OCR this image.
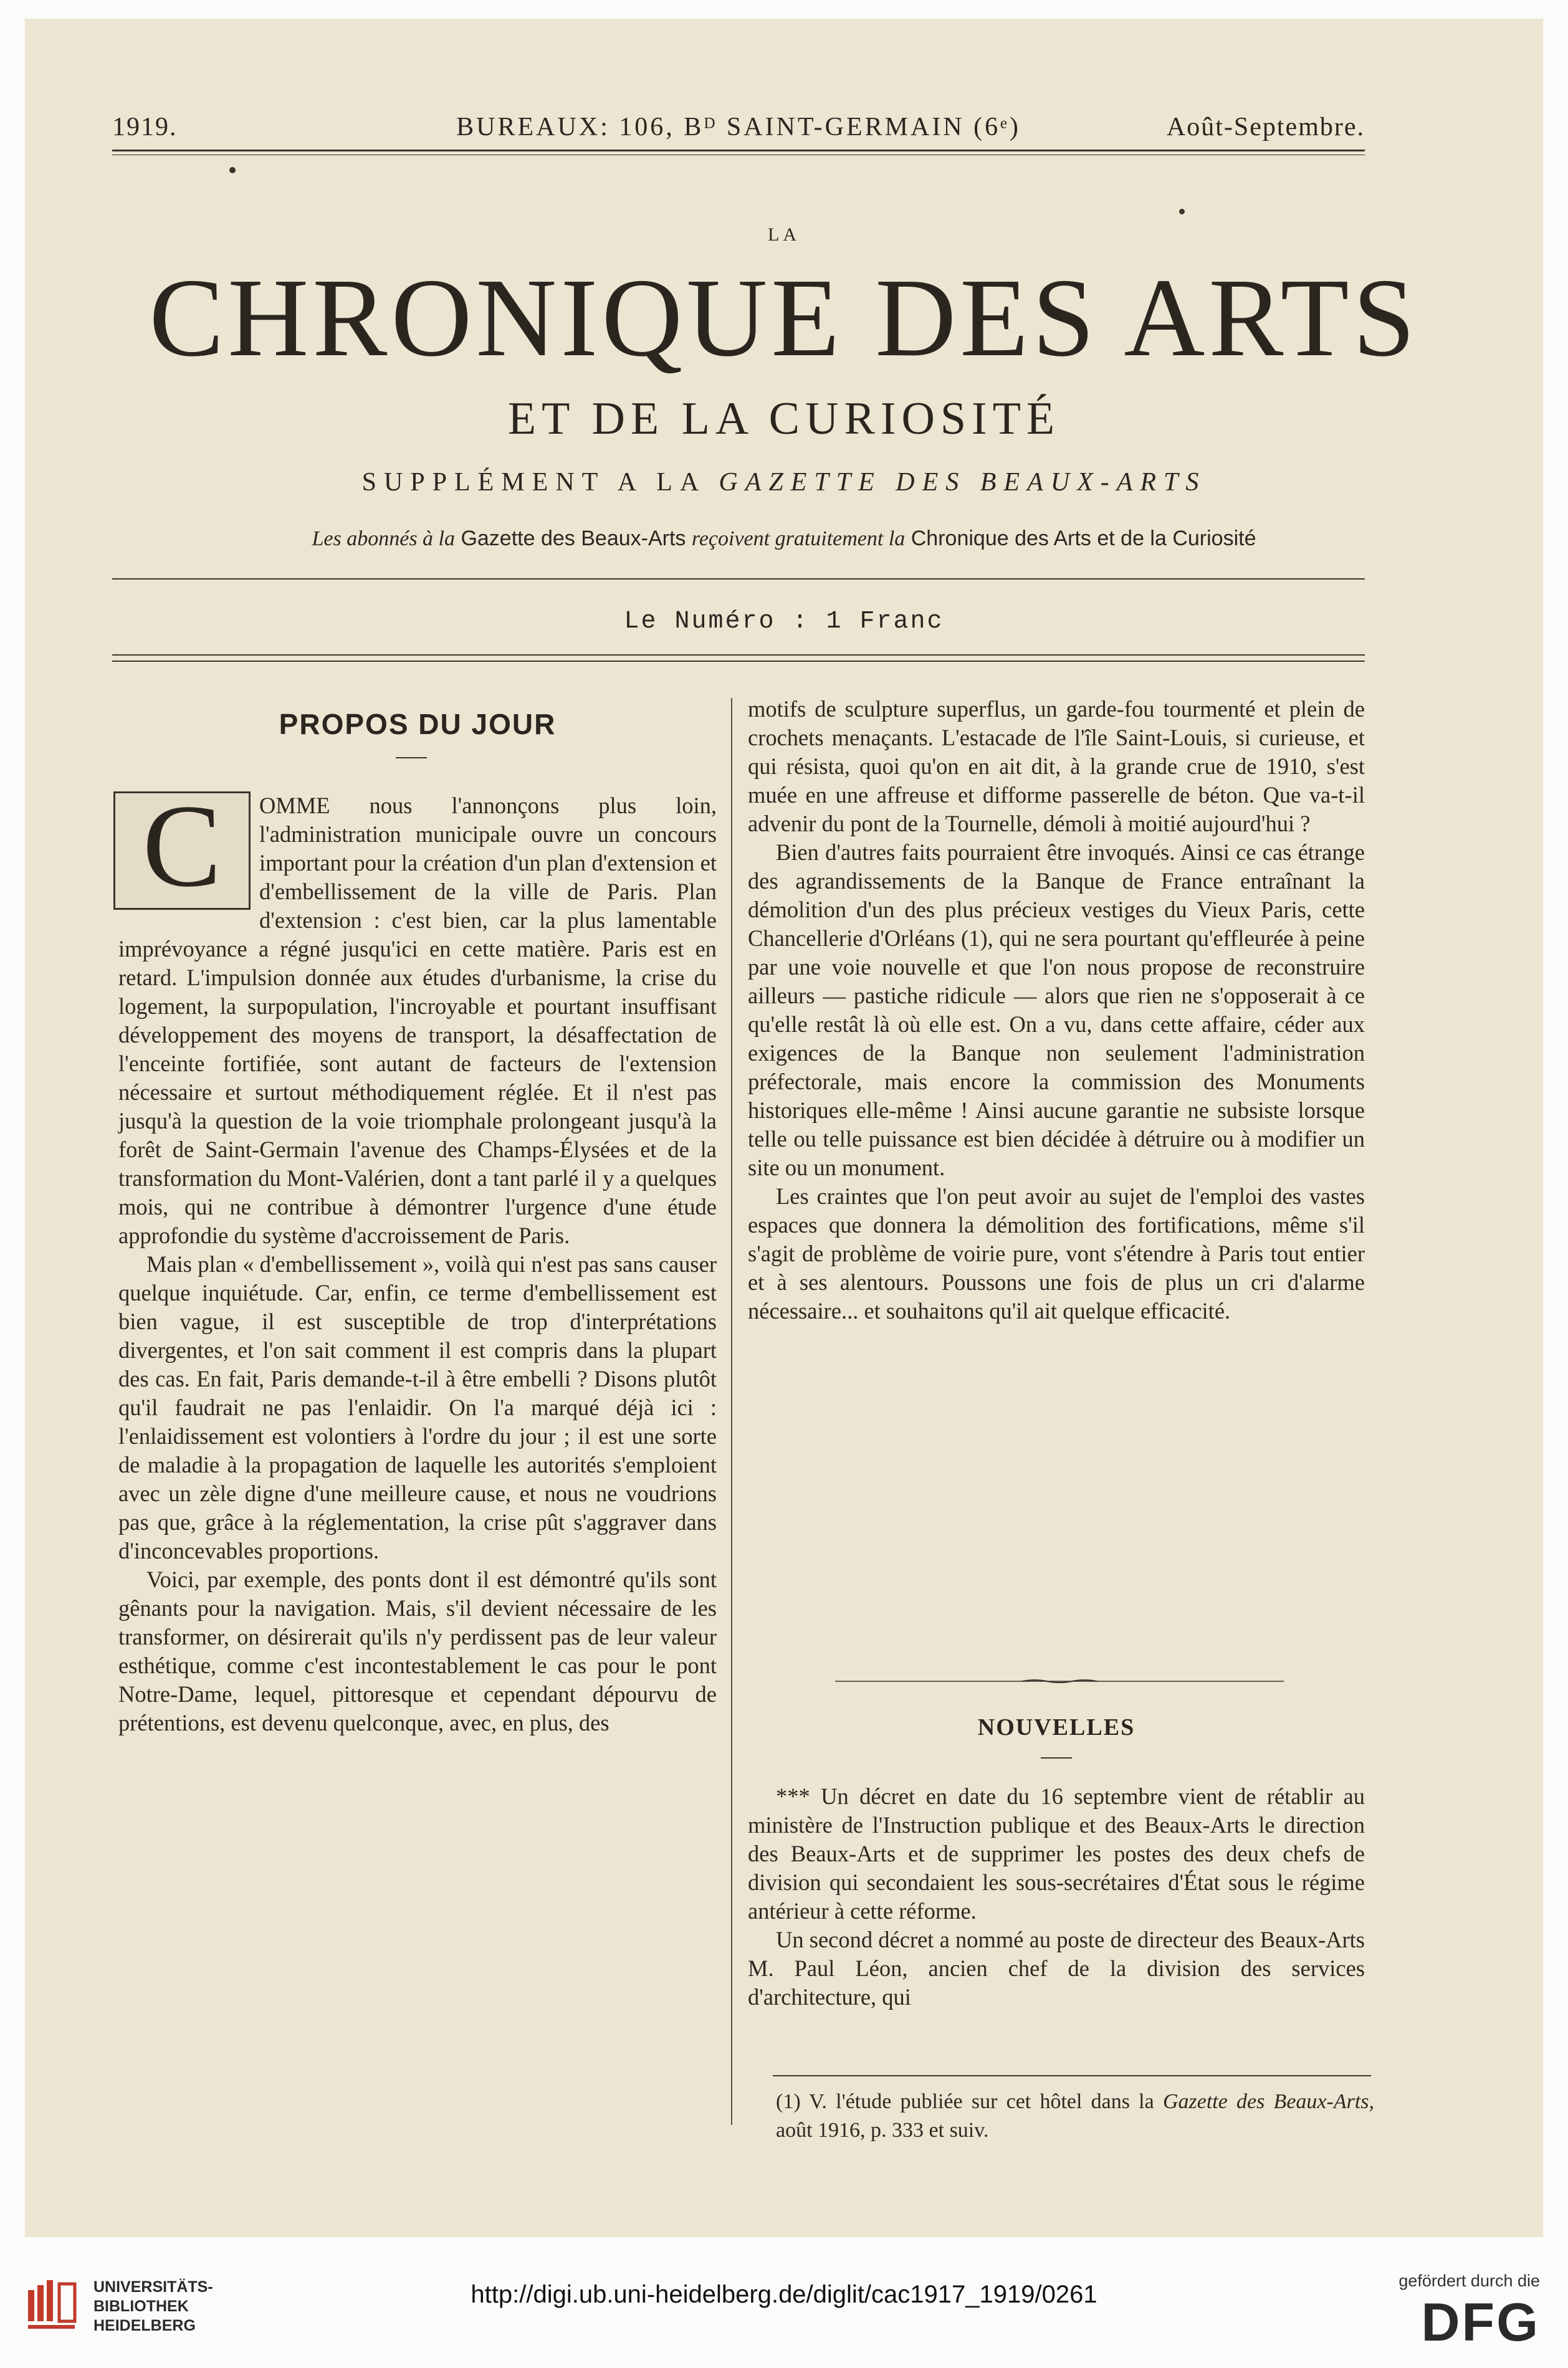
1919.	BUREAUX: 106, Bᴰ SAINT-GERMAIN (6ᵉ)	Août-Septembre.
LA
CHRONIQUE DES ARTS
ET DE LA CURIOSITÉ
SUPPLÉMENT A LA GAZETTE DES BEAUX-ARTS
Les abonnés à la Gazette des Beaux-Arts reçoivent gratuitement la Chronique des Arts et de la Curiosité
Le Numéro : 1 Franc
PROPOS DU JOUR

C	OMME nous l'annonçons plus loin, l'administration municipale ouvre un concours important pour la création d'un plan d'extension et d'embellissement de la ville de Paris. Plan d'extension : c'est bien, car la plus lamentable imprévoyance a régné jusqu'ici en cette matière. Paris est en retard. L'impulsion donnée aux études d'urbanisme, la crise du logement, la surpopulation, l'incroyable et pourtant insuffisant développement des moyens de transport, la désaffectation de l'enceinte fortifiée, sont autant de facteurs de l'extension nécessaire et surtout méthodiquement réglée. Et il n'est pas jusqu'à la question de la voie triomphale prolongeant jusqu'à la forêt de Saint-Germain l'avenue des Champs-Élysées et de la transformation du Mont-Valérien, dont a tant parlé il y a quelques mois, qui ne contribue à démontrer l'urgence d'une étude approfondie du système d'accroissement de Paris.

Mais plan « d'embellissement », voilà qui n'est pas sans causer quelque inquiétude. Car, enfin, ce terme d'embellissement est bien vague, il est susceptible de trop d'interprétations divergentes, et l'on sait comment il est compris dans la plupart des cas. En fait, Paris demande-t-il à être embelli ? Disons plutôt qu'il faudrait ne pas l'enlaidir. On l'a marqué déjà ici : l'enlaidissement est volontiers à l'ordre du jour ; il est une sorte de maladie à la propagation de laquelle les autorités s'emploient avec un zèle digne d'une meilleure cause, et nous ne voudrions pas que, grâce à la réglementation, la crise pût s'aggraver dans d'inconcevables proportions.

Voici, par exemple, des ponts dont il est démontré qu'ils sont gênants pour la navigation. Mais, s'il devient nécessaire de les transformer, on désirerait qu'ils n'y perdissent pas de leur valeur esthétique, comme c'est incontestablement le cas pour le pont Notre-Dame, lequel, pittoresque et cependant dépourvu de prétentions, est devenu quelconque, avec, en plus, des

motifs de sculpture superflus, un garde-fou tourmenté et plein de crochets menaçants. L'estacade de l'île Saint-Louis, si curieuse, et qui résista, quoi qu'on en ait dit, à la grande crue de 1910, s'est muée en une affreuse et difforme passerelle de béton. Que va-t-il advenir du pont de la Tournelle, démoli à moitié aujourd'hui ?

Bien d'autres faits pourraient être invoqués. Ainsi ce cas étrange des agrandissements de la Banque de France entraînant la démolition d'un des plus précieux vestiges du Vieux Paris, cette Chancellerie d'Orléans (1), qui ne sera pourtant qu'effleurée à peine par une voie nouvelle et que l'on nous propose de reconstruire ailleurs — pastiche ridicule — alors que rien ne s'opposerait à ce qu'elle restât là où elle est. On a vu, dans cette affaire, céder aux exigences de la Banque non seulement l'administration préfectorale, mais encore la commission des Monuments historiques elle-même ! Ainsi aucune garantie ne subsiste lorsque telle ou telle puissance est bien décidée à détruire ou à modifier un site ou un monument.

Les craintes que l'on peut avoir au sujet de l'emploi des vastes espaces que donnera la démolition des fortifications, même s'il s'agit de problème de voirie pure, vont s'étendre à Paris tout entier et à ses alentours. Poussons une fois de plus un cri d'alarme nécessaire... et souhaitons qu'il ait quelque efficacité.

NOUVELLES

*** Un décret en date du 16 septembre vient de rétablir au ministère de l'Instruction publique et des Beaux-Arts le direction des Beaux-Arts et de supprimer les postes des deux chefs de division qui secondaient les sous-secrétaires d'État sous le régime antérieur à cette réforme.

Un second décret a nommé au poste de directeur des Beaux-Arts M. Paul Léon, ancien chef de la division des services d'architecture, qui

(1) V. l'étude publiée sur cet hôtel dans la Gazette des Beaux-Arts, août 1916, p. 333 et suiv.
UNIVERSITÄTS-
BIBLIOTHEK
HEIDELBERG
http://digi.ub.uni-heidelberg.de/diglit/cac1917_1919/0261	gefördert durch die
DFG
